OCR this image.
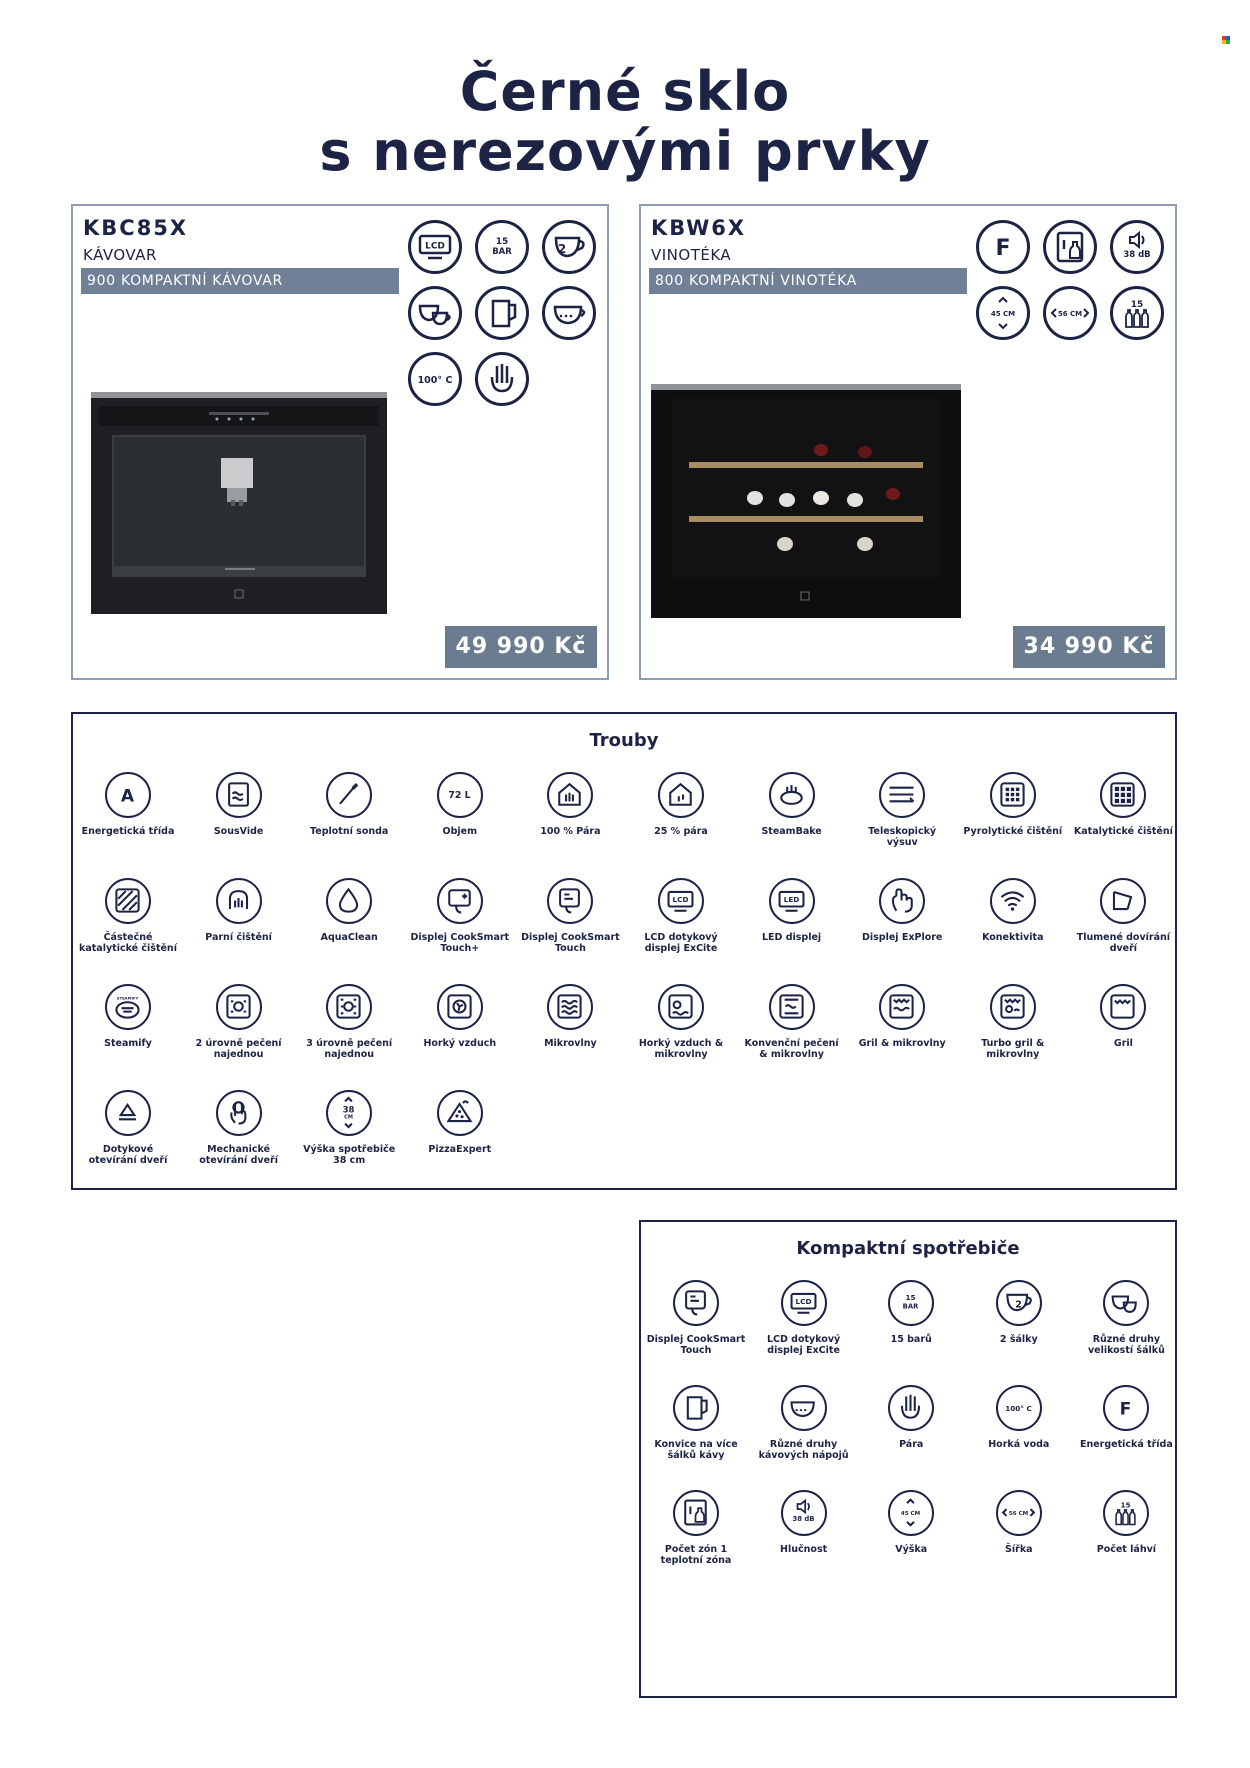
Černé sklo
s nerezovými prvky
KBC85X
KÁVOVAR
900 KOMPAKTNÍ KÁVOVAR
LCD	15
BAR	2
100° C
49 990 Kč
KBW6X
VINOTÉKA
800 KOMPAKTNÍ VINOTÉKA
F	38 dB
45 CM	56 CM
15
34 990 Kč
Trouby
A
Energetická třída	SousVide	Teplotní sonda
72 L
Objem	100 % Pára	25 % pára	SteamBake	Teleskopický výsuv
Pyrolytické čištění Katalytické čištění
Částečné katalytické čištění
Parní čištění	AquaClean	Displej CookSmart Touch+
Displej CookSmart Touch
LCD
LCD dotykový displej ExCite
LED
LED displej	Displej ExPlore	Konektivita	Tlumené dovírání dveří
STEAMIFY
Steamify	2 úrovně pečení najednou
3 úrovně pečení najednou
Horký vzduch	Mikrovlny	Horký vzduch & mikrovlny
Konvenční pečení & mikrovlny
Gril & mikrovlny	Turbo gril & mikrovlny
Gril
Dotykové otevírání dveří
Mechanické otevírání dveří
38
CM
Výška spotřebiče 38 cm
PizzaExpert
Kompaktní spotřebiče
Displej CookSmart Touch
LCD
LCD dotykový displej ExCite
15
BAR
15 barů
2
2 šálky	Různé druhy velikostí šálků
Konvice na více šálků kávy
Různé druhy kávových nápojů
Pára
100° C
Horká voda
F
Energetická třída
Počet zón 1 teplotní zóna
38 dB
Hlučnost
45 CM
Výška
56 CM
Šířka
15
Počet láhví
